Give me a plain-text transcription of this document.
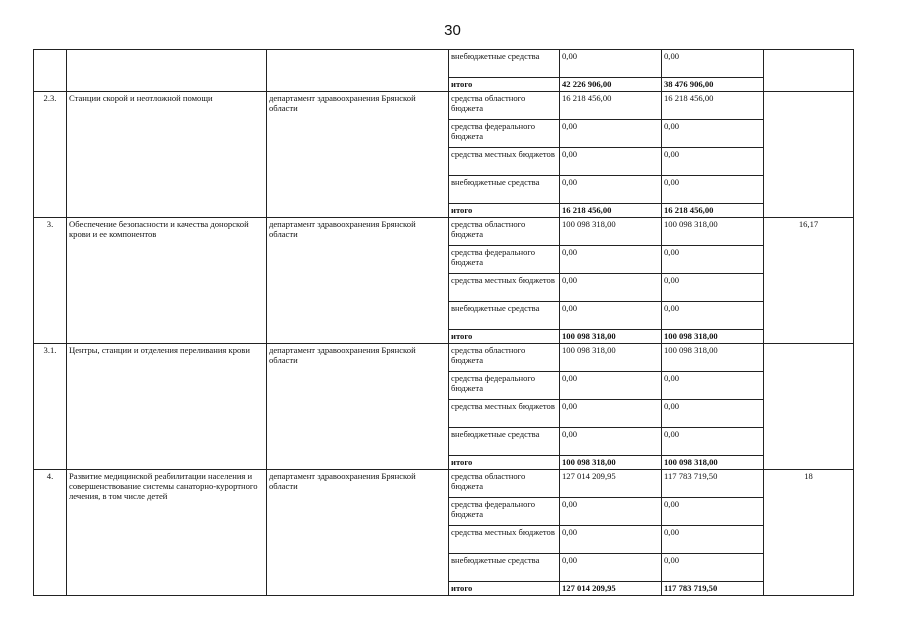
30
			внебюджетные средства	0,00	0,00	
			итого	42 226 906,00	38 476 906,00	
2.3.	Станции скорой и неотложной помощи	департамент здравоохранения Брянской области	средства областного бюджета	16 218 456,00	16 218 456,00	
			средства федерального бюджета	0,00	0,00	
			средства местных бюджетов	0,00	0,00	
			внебюджетные средства	0,00	0,00	
			итого	16 218 456,00	16 218 456,00	
3.	Обеспечение безопасности и качества донорской крови и ее компонентов	департамент здравоохранения Брянской области	средства областного бюджета	100 098 318,00	100 098 318,00	16,17
			средства федерального бюджета	0,00	0,00	
			средства местных бюджетов	0,00	0,00	
			внебюджетные средства	0,00	0,00	
			итого	100 098 318,00	100 098 318,00	
3.1.	Центры, станции и отделения переливания крови	департамент здравоохранения Брянской области	средства областного бюджета	100 098 318,00	100 098 318,00	
			средства федерального бюджета	0,00	0,00	
			средства местных бюджетов	0,00	0,00	
			внебюджетные средства	0,00	0,00	
			итого	100 098 318,00	100 098 318,00	
4.	Развитие медицинской реабилитации населения и совершенствование системы санаторно-курортного лечения, в том числе детей	департамент здравоохранения Брянской области	средства областного бюджета	127 014 209,95	117 783 719,50	18
			средства федерального бюджета	0,00	0,00	
			средства местных бюджетов	0,00	0,00	
			внебюджетные средства	0,00	0,00	
			итого	127 014 209,95	117 783 719,50	
